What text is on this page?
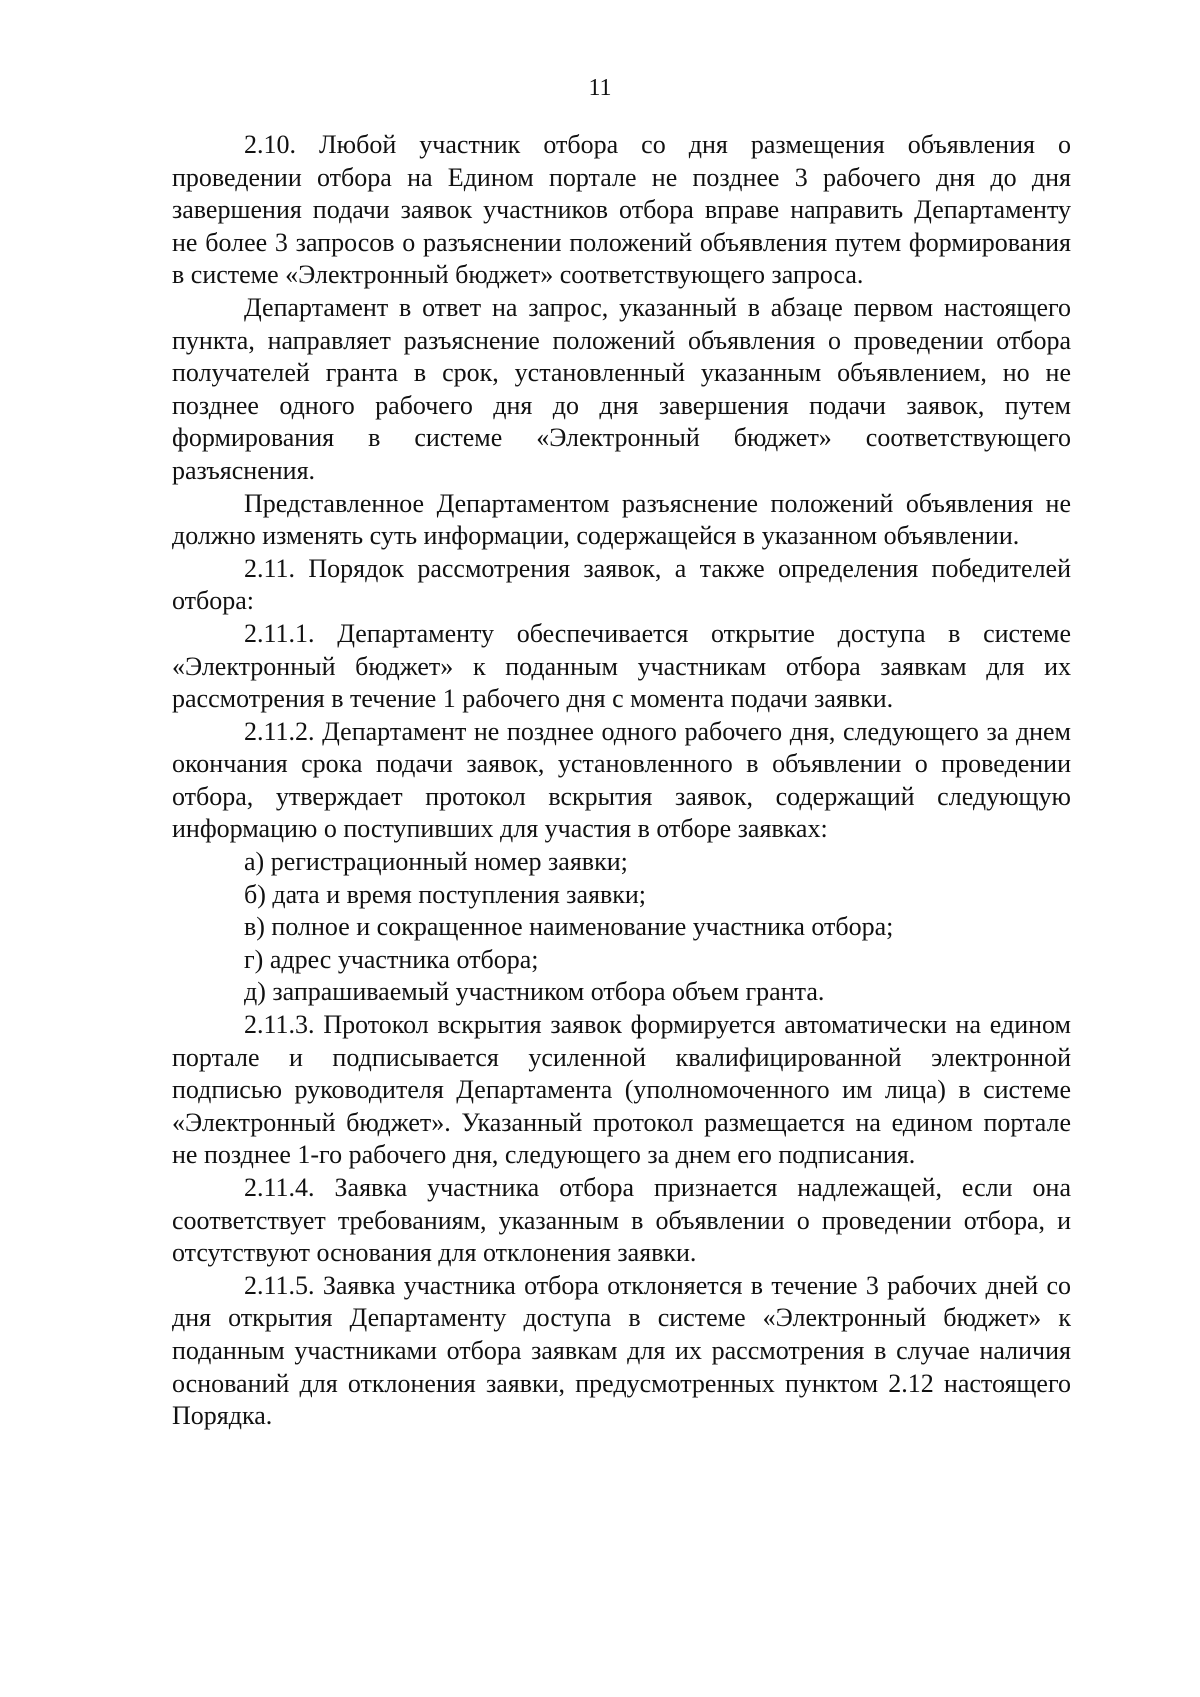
11

2.10. Любой участник отбора со дня размещения объявления о проведении отбора на Едином портале не позднее 3 рабочего дня до дня завершения подачи заявок участников отбора вправе направить Департаменту не более 3 запросов о разъяснении положений объявления путем формирования в системе «Электронный бюджет» соответствующего запроса.

Департамент в ответ на запрос, указанный в абзаце первом настоящего пункта, направляет разъяснение положений объявления о проведении отбора получателей гранта в срок, установленный указанным объявлением, но не позднее одного рабочего дня до дня завершения подачи заявок, путем формирования в системе «Электронный бюджет» соответствующего разъяснения.

Представленное Департаментом разъяснение положений объявления не должно изменять суть информации, содержащейся в указанном объявлении.

2.11. Порядок рассмотрения заявок, а также определения победителей отбора:

2.11.1. Департаменту обеспечивается открытие доступа в системе «Электронный бюджет» к поданным участникам отбора заявкам для их рассмотрения в течение 1 рабочего дня с момента подачи заявки.

2.11.2. Департамент не позднее одного рабочего дня, следующего за днем окончания срока подачи заявок, установленного в объявлении о проведении отбора, утверждает протокол вскрытия заявок, содержащий следующую информацию о поступивших для участия в отборе заявках:

а) регистрационный номер заявки;

б) дата и время поступления заявки;

в) полное и сокращенное наименование участника отбора;

г) адрес участника отбора;

д) запрашиваемый участником отбора объем гранта.

2.11.3. Протокол вскрытия заявок формируется автоматически на едином портале и подписывается усиленной квалифицированной электронной подписью руководителя Департамента (уполномоченного им лица) в системе «Электронный бюджет». Указанный протокол размещается на едином портале не позднее 1-го рабочего дня, следующего за днем его подписания.

2.11.4. Заявка участника отбора признается надлежащей, если она соответствует требованиям, указанным в объявлении о проведении отбора, и отсутствуют основания для отклонения заявки.

2.11.5. Заявка участника отбора отклоняется в течение 3 рабочих дней со дня открытия Департаменту доступа в системе «Электронный бюджет» к поданным участниками отбора заявкам для их рассмотрения в случае наличия оснований для отклонения заявки, предусмотренных пунктом 2.12 настоящего Порядка.
